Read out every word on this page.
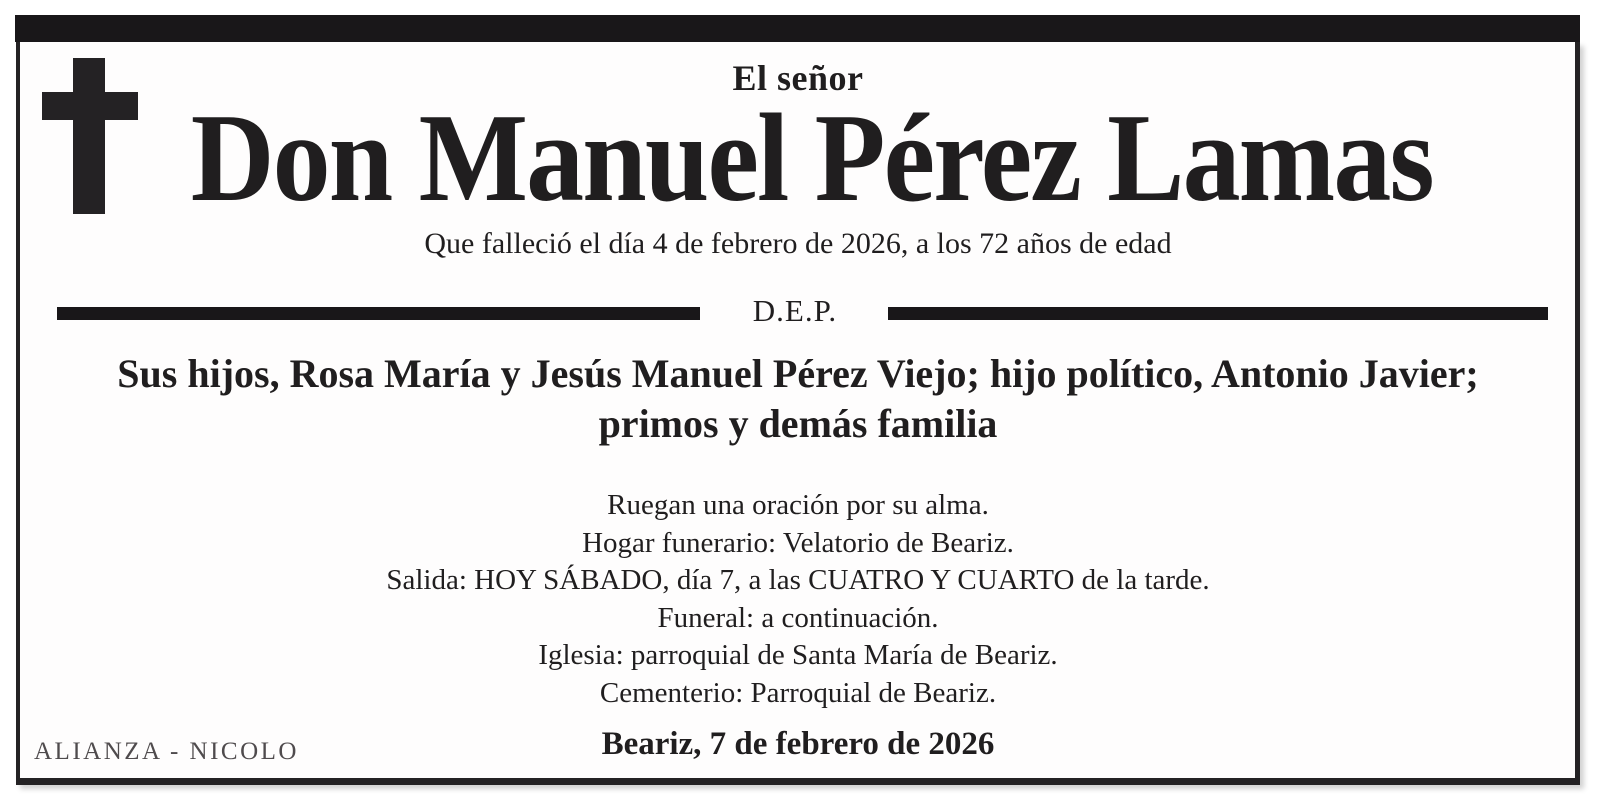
El señor
Don Manuel Pérez Lamas
Que falleció el día 4 de febrero de 2026, a los 72 años de edad
D.E.P.
Sus hijos, Rosa María y Jesús Manuel Pérez Viejo; hijo político, Antonio Javier;
primos y demás familia
Ruegan una oración por su alma.
Hogar funerario: Velatorio de Beariz.
Salida: HOY SÁBADO, día 7, a las CUATRO Y CUARTO de la tarde.
Funeral: a continuación.
Iglesia: parroquial de Santa María de Beariz.
Cementerio: Parroquial de Beariz.
ALIANZA - NICOLO	Beariz, 7 de febrero de 2026
